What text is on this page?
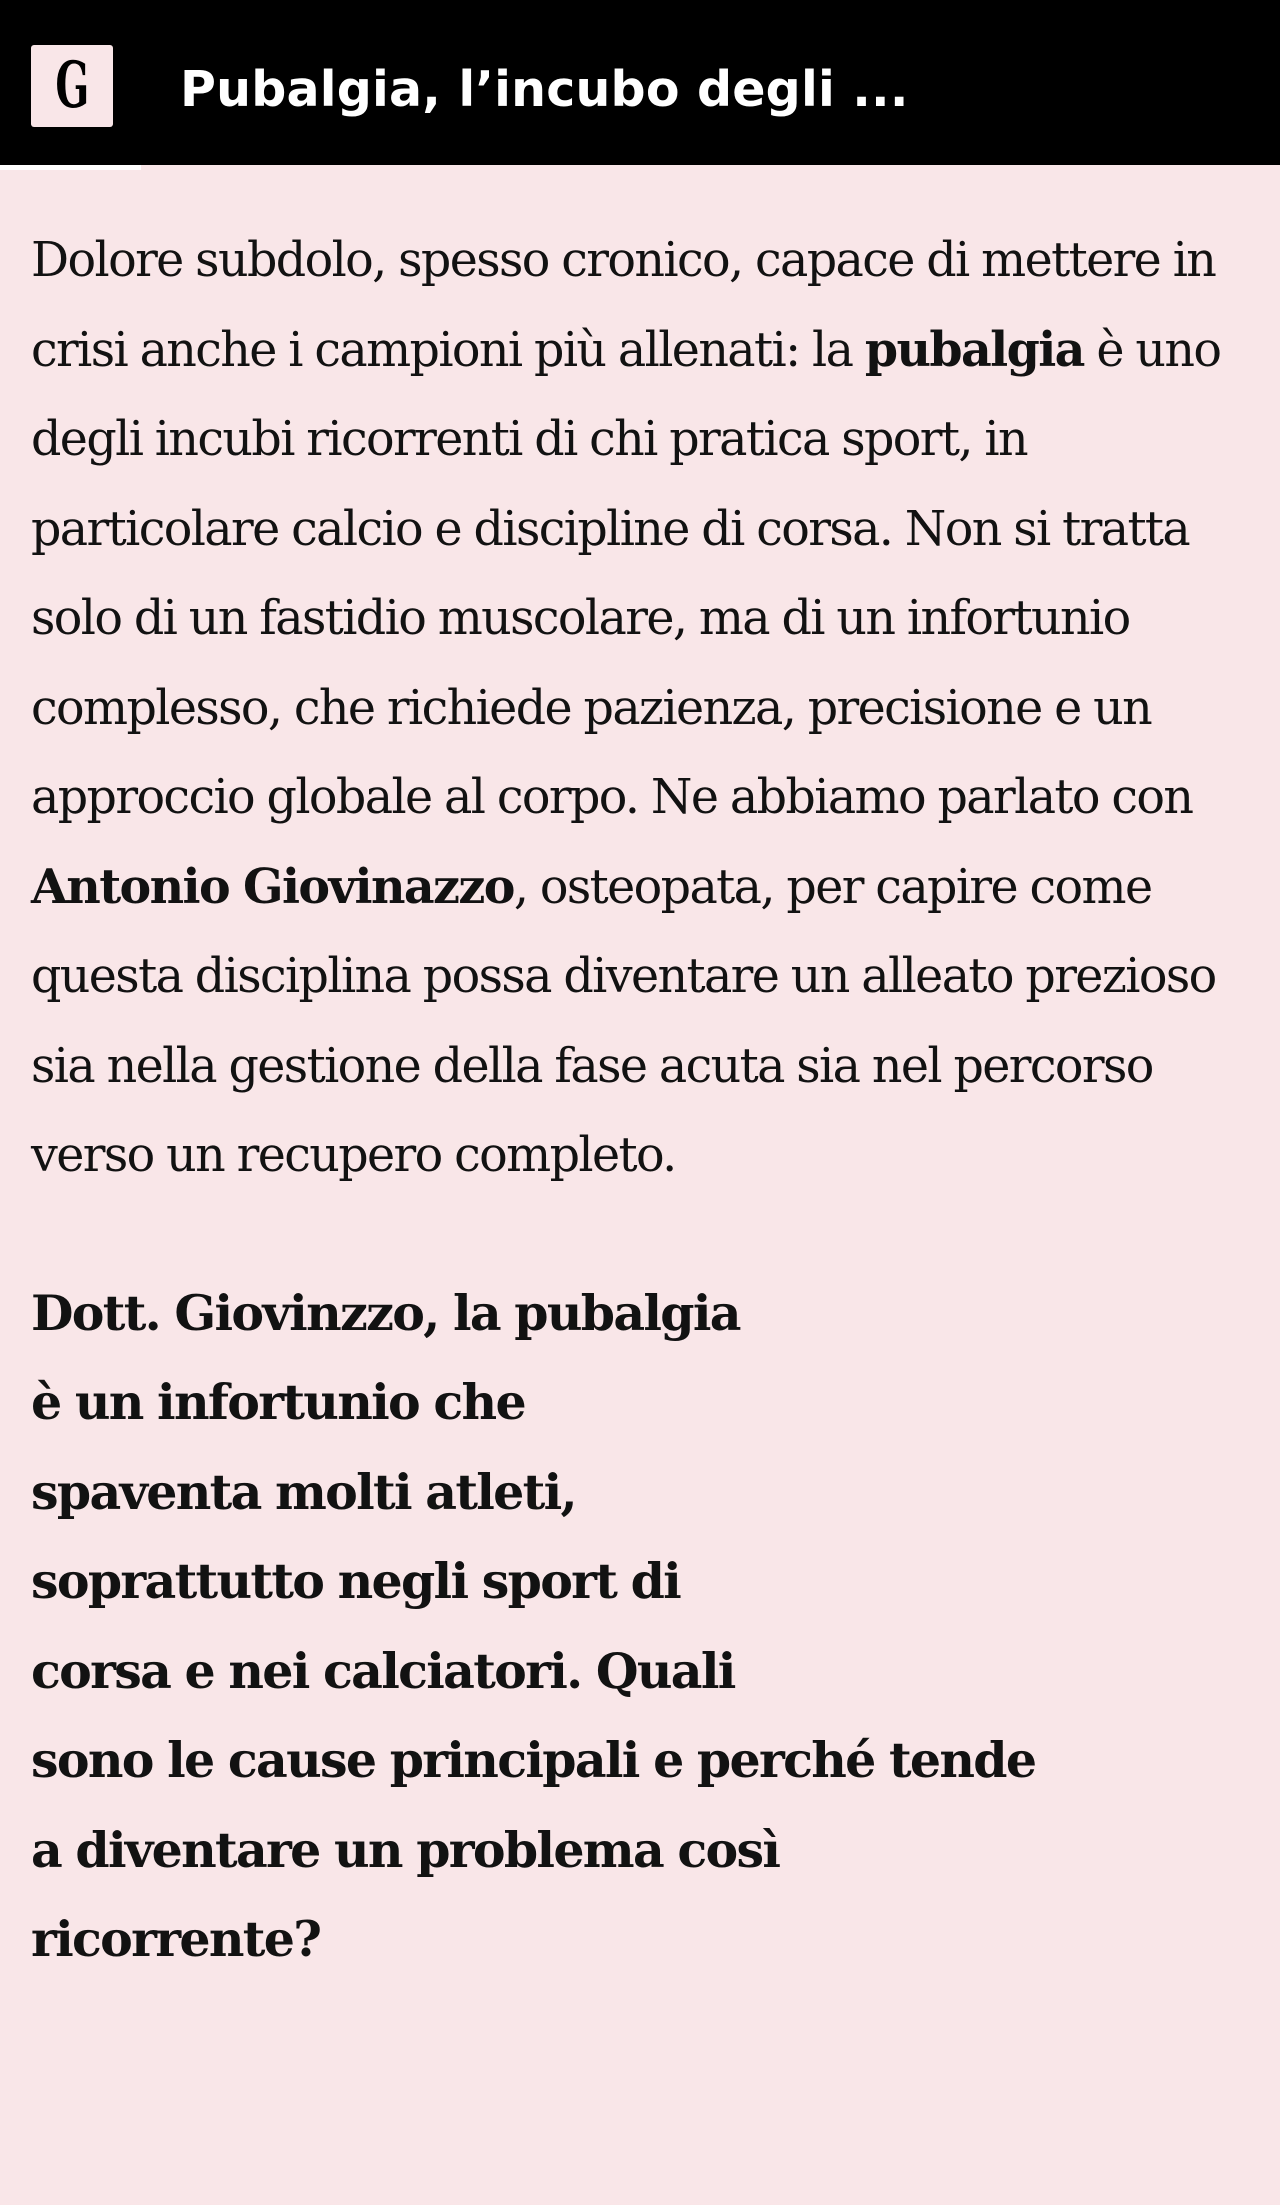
G Pubalgia, l’incubo degli ...

Dolore subdolo, spesso cronico, capace di mettere in crisi anche i campioni più allenati: la pubalgia è uno degli incubi ricorrenti di chi pratica sport, in particolare calcio e discipline di corsa. Non si tratta solo di un fastidio muscolare, ma di un infortunio complesso, che richiede pazienza, precisione e un approccio globale al corpo. Ne abbiamo parlato con Antonio Giovinazzo, osteopata, per capire come questa disciplina possa diventare un alleato prezioso sia nella gestione della fase acuta sia nel percorso verso un recupero completo.

Dott. Giovinzzo, la pubalgia
è un infortunio che
spaventa molti atleti,
soprattutto negli sport di
corsa e nei calciatori. Quali
sono le cause principali e perché tende
a diventare un problema così
ricorrente?
